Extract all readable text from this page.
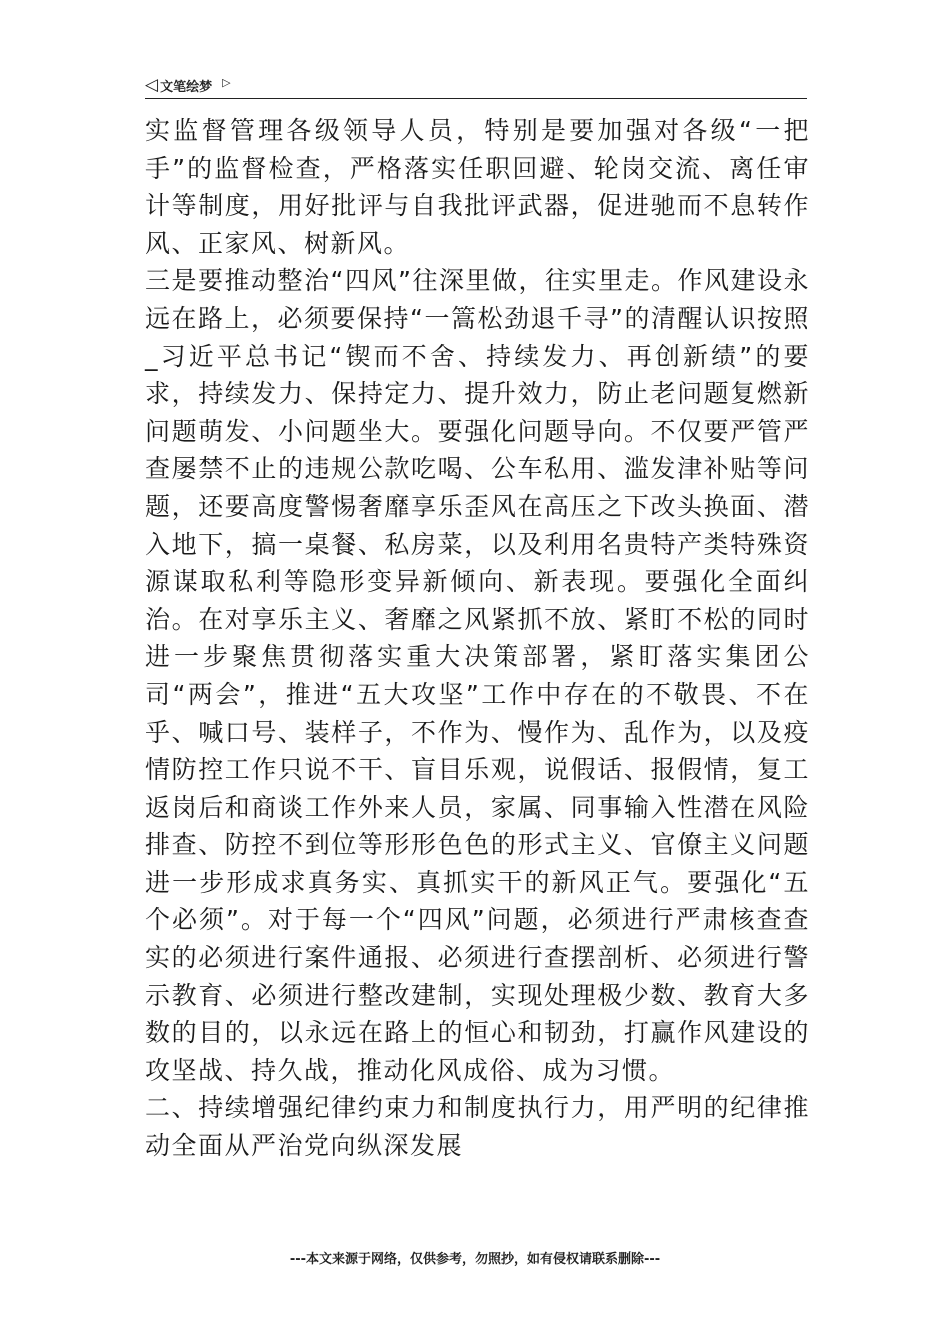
◁ 文笔绘梦 ▷

实监督管理各级领导人员，特别是要加强对各级“一把手”的监督检查，严格落实任职回避、轮岗交流、离任审计等制度，用好批评与自我批评武器，促进驰而不息转作风、正家风、树新风。

三是要推动整治“四风”往深里做，往实里走。作风建设永远在路上，必须要保持“一篙松劲退千寻”的清醒认识按照_习近平总书记“锲而不舍、持续发力、再创新绩”的要求，持续发力、保持定力、提升效力，防止老问题复燃新问题萌发、小问题坐大。要强化问题导向。不仅要严管严查屡禁不止的违规公款吃喝、公车私用、滥发津补贴等问题，还要高度警惕奢靡享乐歪风在高压之下改头换面、潜入地下，搞一桌餐、私房菜，以及利用名贵特产类特殊资源谋取私利等隐形变异新倾向、新表现。要强化全面纠治。在对享乐主义、奢靡之风紧抓不放、紧盯不松的同时进一步聚焦贯彻落实重大决策部署，紧盯落实集团公司“两会”，推进“五大攻坚”工作中存在的不敬畏、不在乎、喊口号、装样子，不作为、慢作为、乱作为，以及疫情防控工作只说不干、盲目乐观，说假话、报假情，复工返岗后和商谈工作外来人员，家属、同事输入性潜在风险排查、防控不到位等形形色色的形式主义、官僚主义问题进一步形成求真务实、真抓实干的新风正气。要强化“五个必须”。对于每一个“四风”问题，必须进行严肃核查查实的必须进行案件通报、必须进行查摆剖析、必须进行警示教育、必须进行整改建制，实现处理极少数、教育大多数的目的，以永远在路上的恒心和韧劲，打赢作风建设的攻坚战、持久战，推动化风成俗、成为习惯。

二、持续增强纪律约束力和制度执行力，用严明的纪律推动全面从严治党向纵深发展

---本文来源于网络，仅供参考，勿照抄，如有侵权请联系删除---
